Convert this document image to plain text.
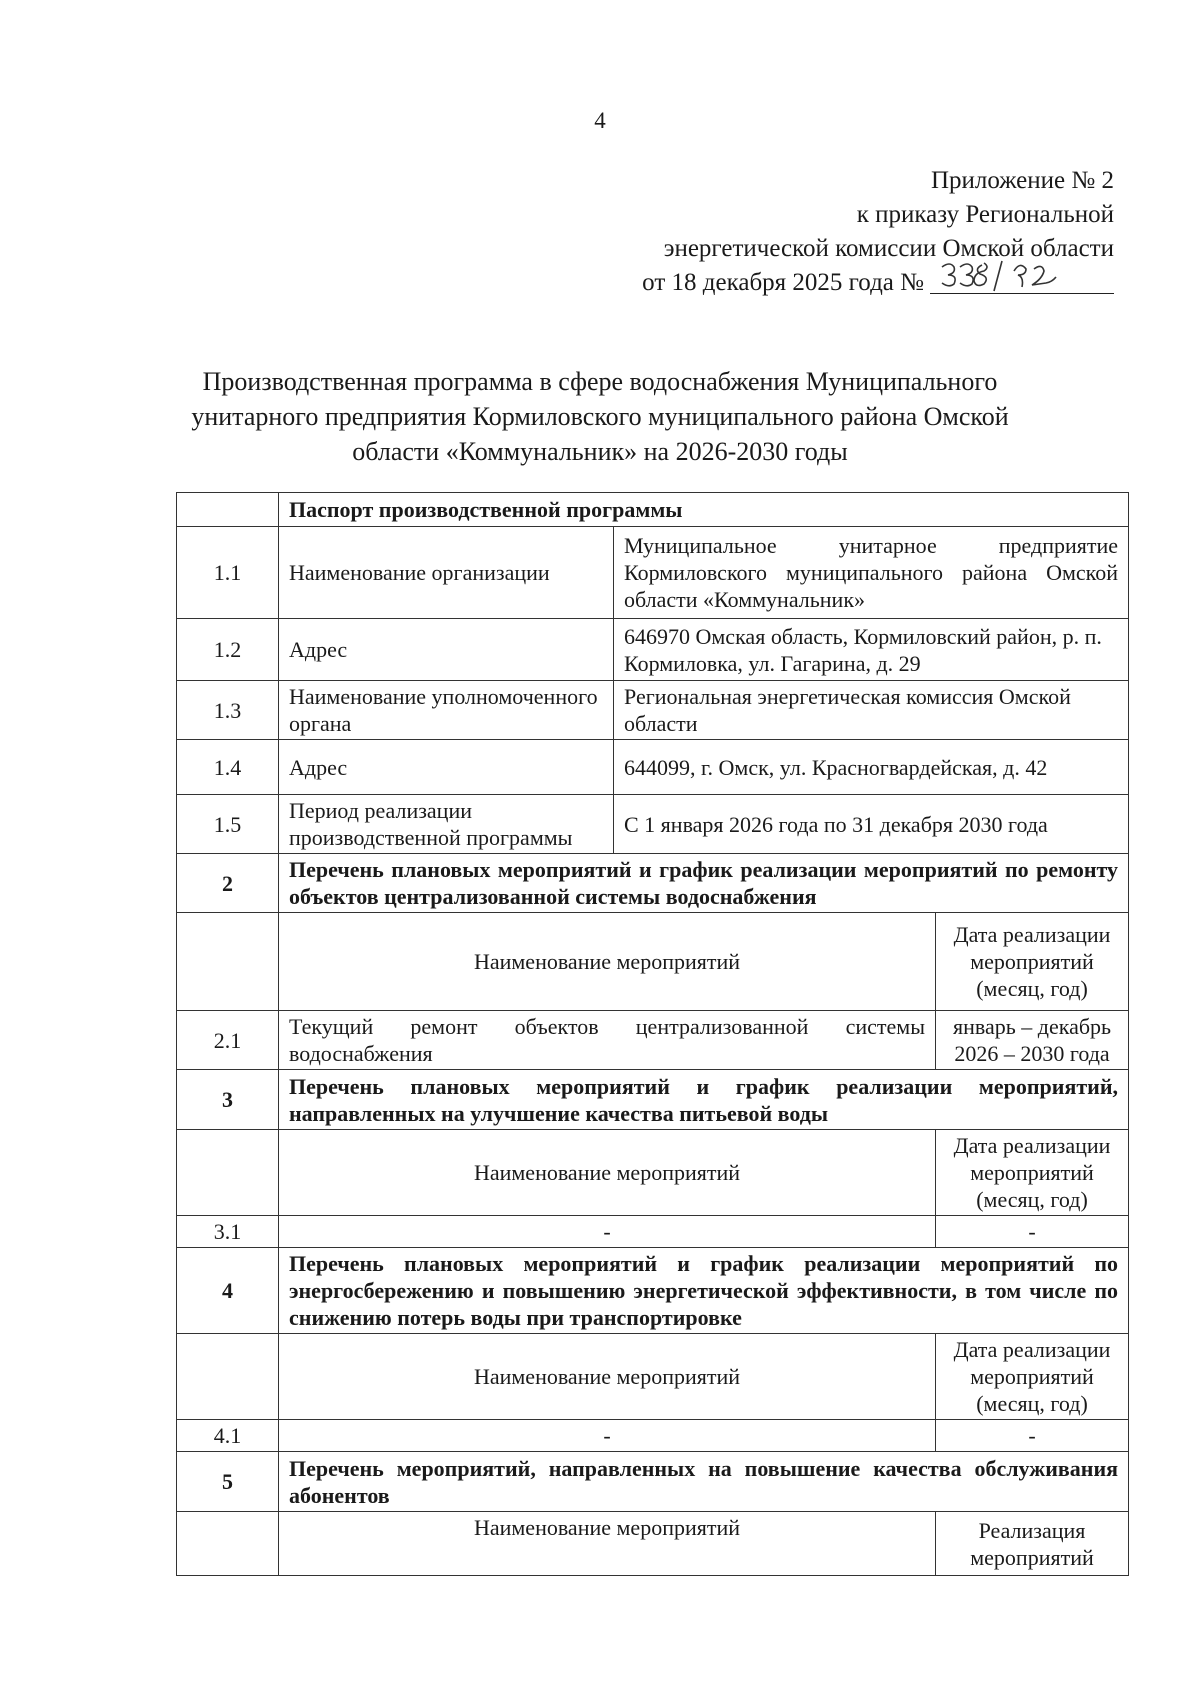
4
Приложение № 2
к приказу Региональной
энергетической комиссии Омской области
от 18 декабря 2025 года №
Производственная программа в сфере водоснабжения Муниципального
унитарного предприятия Кормиловского муниципального района Омской
области «Коммунальник» на 2026-2030 годы
	Паспорт производственной программы		
1.1	Наименование организации	Муниципальное унитарное предприятие Кормиловского муниципального района Омской области «Коммунальник»	
1.2	Адрес	646970 Омская область, Кормиловский район, р. п. Кормиловка, ул. Гагарина, д. 29	
1.3	Наименование уполномоченного органа	Региональная энергетическая комиссия Омской области	
1.4	Адрес	644099, г. Омск, ул. Красногвардейская, д. 42	
1.5	Период реализации производственной программы	С 1 января 2026 года по 31 декабря 2030 года	
2	Перечень плановых мероприятий и график реализации мероприятий по ремонту объектов централизованной системы водоснабжения		
	Наименование мероприятий		Дата реализации мероприятий (месяц, год)
2.1	Текущий ремонт объектов централизованной системы водоснабжения		январь – декабрь 2026 – 2030 года
3	Перечень плановых мероприятий и график реализации мероприятий, направленных на улучшение качества питьевой воды		
	Наименование мероприятий		Дата реализации мероприятий (месяц, год)
3.1	-		-
4	Перечень плановых мероприятий и график реализации мероприятий по энергосбережению и повышению энергетической эффективности, в том числе по снижению потерь воды при транспортировке		
	Наименование мероприятий		Дата реализации мероприятий (месяц, год)
4.1	-		-
5	Перечень мероприятий, направленных на повышение качества обслуживания абонентов		
	Наименование мероприятий		Реализация мероприятий
